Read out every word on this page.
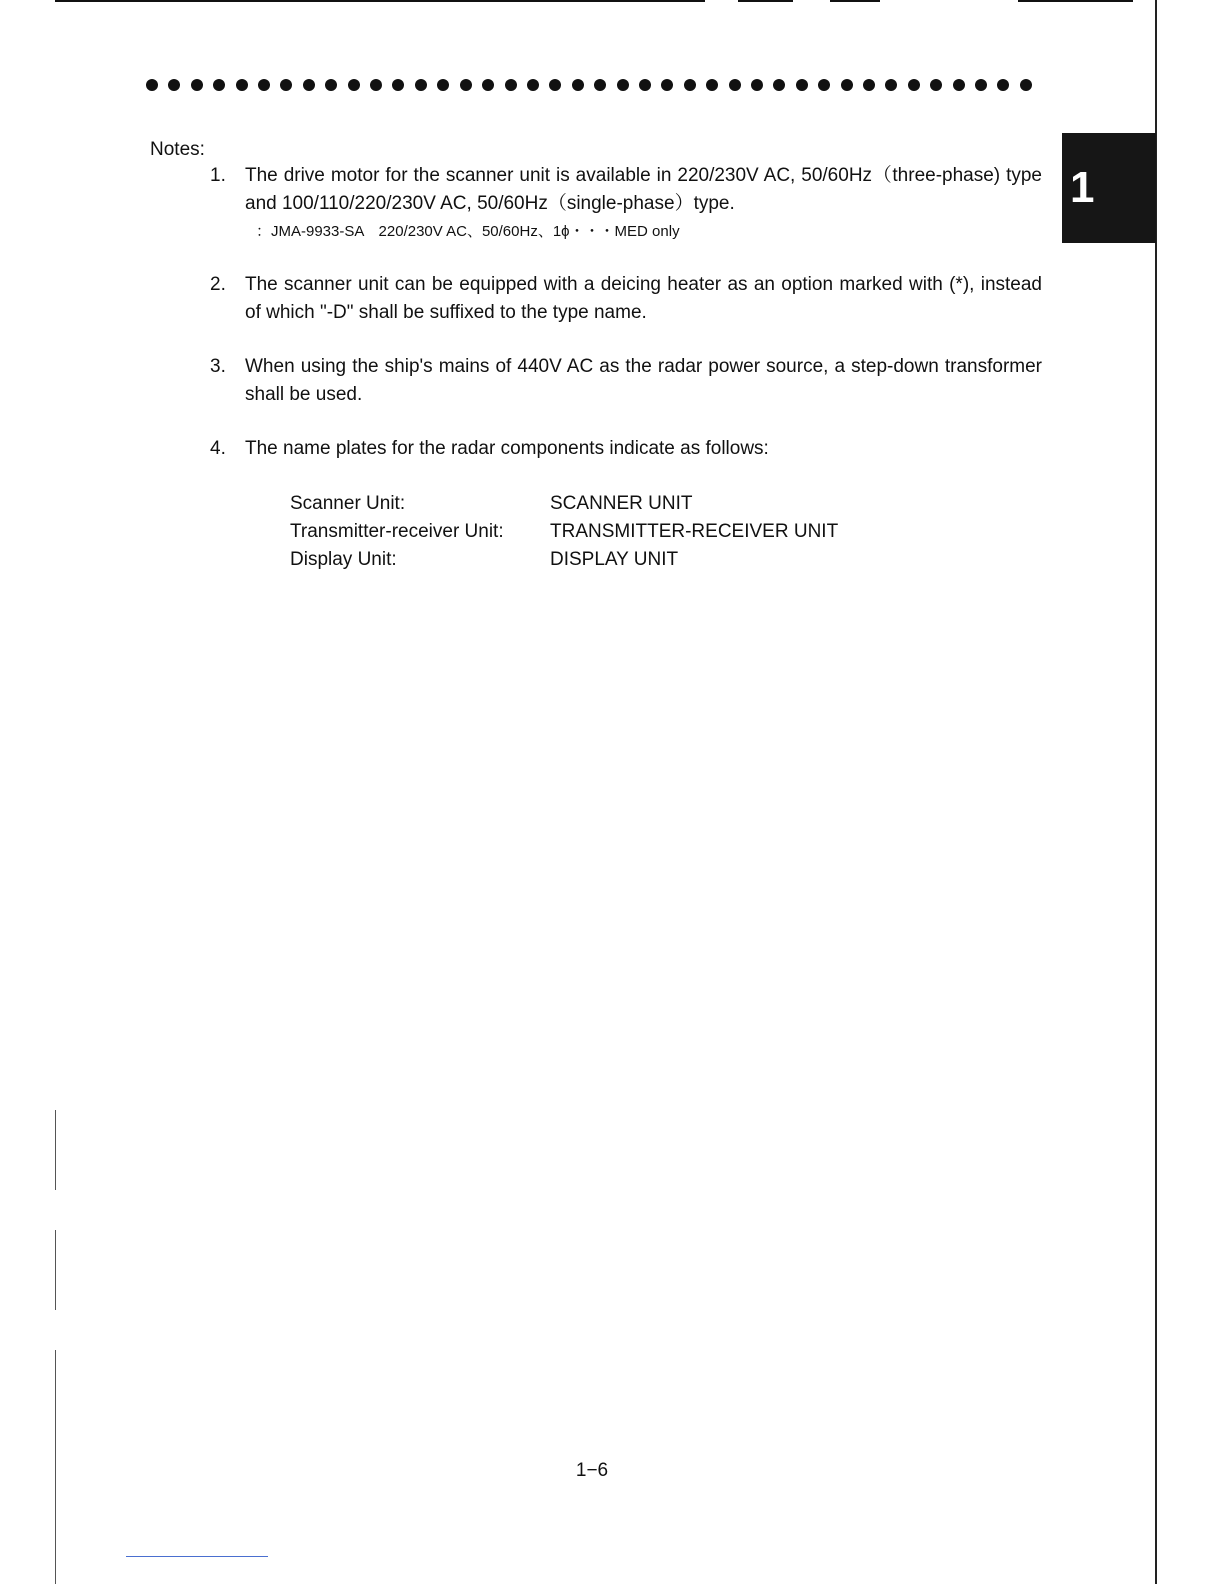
1
Notes:
1.	The drive motor for the scanner unit is available in 220/230V AC, 50/60Hz（three-phase) type and 100/110/220/230V AC, 50/60Hz（single-phase）type.
：JMA-9933-SA　220/230V AC、50/60Hz、1ϕ・・・MED only
2.	The scanner unit can be equipped with a deicing heater as an option marked with (*), instead of which "-D" shall be suffixed to the type name.
3.	When using the ship's mains of 440V AC as the radar power source, a step-down transformer shall be used.
4.	The name plates for the radar components indicate as follows:
Scanner Unit:	SCANNER UNIT
Transmitter-receiver Unit:	TRANSMITTER-RECEIVER UNIT
Display Unit:	DISPLAY UNIT
1−6
